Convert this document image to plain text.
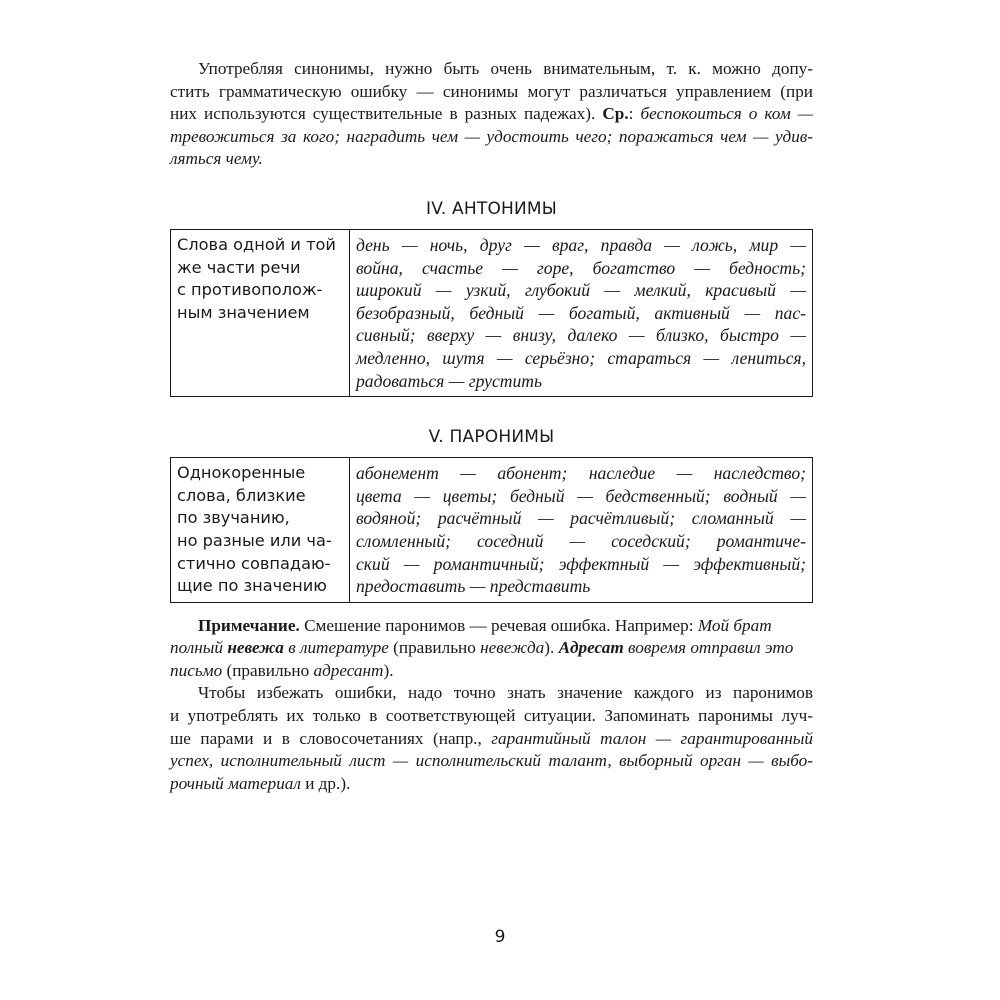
Употребляя синонимы, нужно быть очень внимательным, т. к. можно допу-
стить грамматическую ошибку — синонимы могут различаться управлением (при
них используются существительные в разных падежах). Ср.: беспокоиться о ком —
тревожиться за кого; наградить чем — удостоить чего; поражаться чем — удив-
ляться чему.

IV. АНТОНИМЫ
Слова одной и той
же части речи
с противополож-
ным значением

день — ночь, друг — враг, правда — ложь, мир —
война, счастье — горе, богатство — бедность;
широкий — узкий, глубокий — мелкий, красивый —
безобразный, бедный — богатый, активный — пас-
сивный; вверху — внизу, далеко — близко, быстро —
медленно, шутя — серьёзно; стараться — лениться,
радоваться — грустить
V. ПАРОНИМЫ
Однокоренные
слова, близкие
по звучанию,
но разные или ча-
стично совпадаю-
щие по значению

абонемент — абонент; наследие — наследство;
цвета — цветы; бедный — бедственный; водный —
водяной; расчётный — расчётливый; сломанный —
сломленный; соседний — соседский; романтиче-
ский — романтичный; эффектный — эффективный;
предоставить — представить

Примечание. Смешение паронимов — речевая ошибка. Например: Мой брат
полный невежа в литературе (правильно невежда). Адресат вовремя отправил это
письмо (правильно адресант).

Чтобы избежать ошибки, надо точно знать значение каждого из паронимов
и употреблять их только в соответствующей ситуации. Запоминать паронимы луч-
ше парами и в словосочетаниях (напр., гарантийный талон — гарантированный
успех, исполнительный лист — исполнительский талант, выборный орган — выбо-
рочный материал и др.).

9
